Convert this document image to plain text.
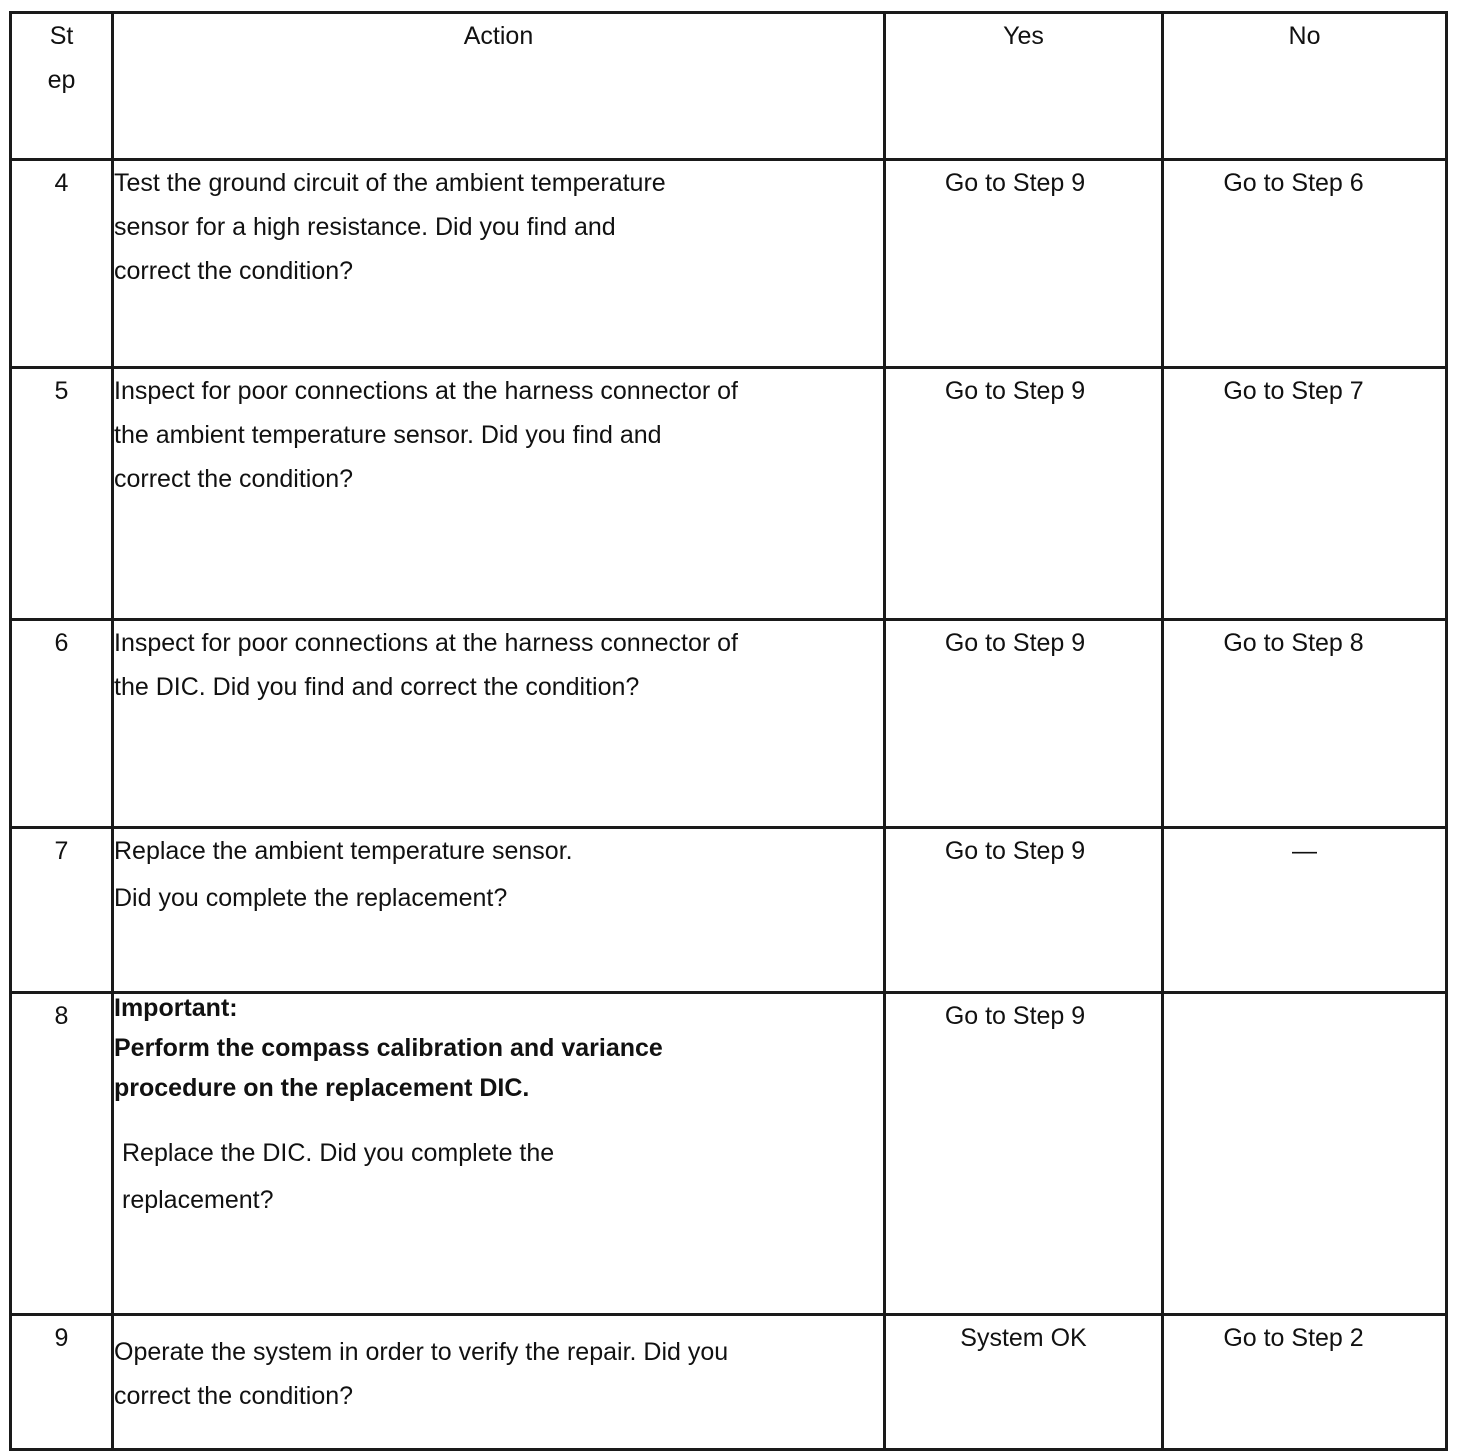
St
ep	Action	Yes	No
4	Test the ground circuit of the ambient temperature
sensor for a high resistance. Did you find and
correct the condition?	Go to Step 9	Go to Step 6
5	Inspect for poor connections at the harness connector of
the ambient temperature sensor. Did you find and
correct the condition?	Go to Step 9	Go to Step 7
6	Inspect for poor connections at the harness connector of
the DIC. Did you find and correct the condition?	Go to Step 9	Go to Step 8
7	Replace the ambient temperature sensor.
Did you complete the replacement?	Go to Step 9	—
8	Important:
Perform the compass calibration and variance
procedure on the replacement DIC.
Replace the DIC. Did you complete the
replacement?	Go to Step 9	
9	Operate the system in order to verify the repair. Did you
correct the condition?	System OK	Go to Step 2
